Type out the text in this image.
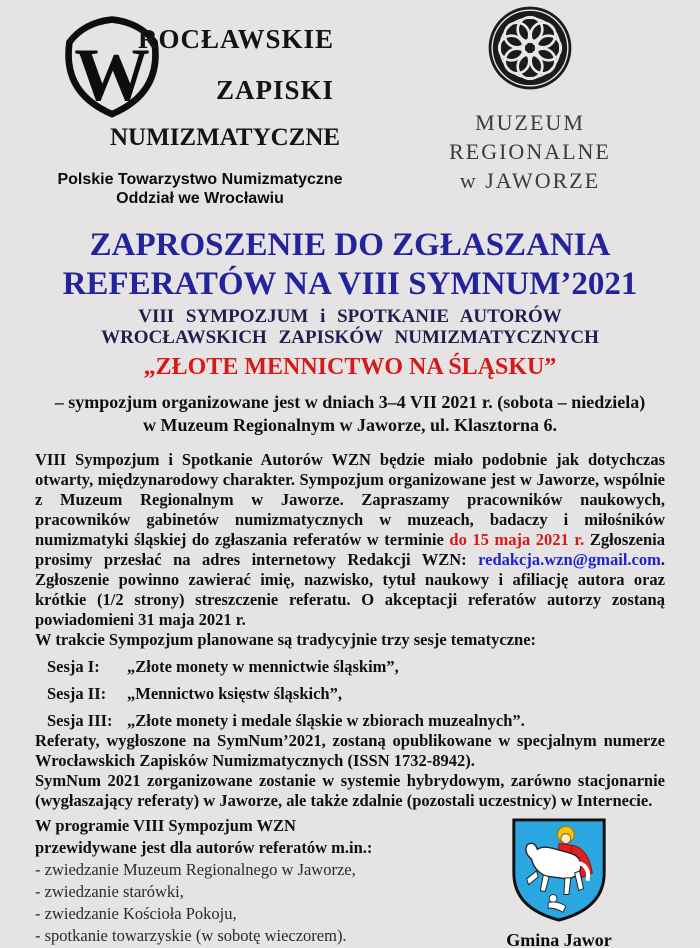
W
ROCŁAWSKIE
ZAPISKI
NUMIZMATYCZNE
Polskie Towarzystwo Numizmatyczne
Oddział we Wrocławiu
MUZEUM
REGIONALNE
w JAWORZE
ZAPROSZENIE DO ZGŁASZANIA
REFERATÓW NA VIII SYMNUM’2021
VIII SYMPOZJUM i SPOTKANIE AUTORÓW
WROCŁAWSKICH ZAPISKÓW NUMIZMATYCZNYCH
„ZŁOTE MENNICTWO NA ŚLĄSKU”
– sympozjum organizowane jest w dniach 3–4 VII 2021 r. (sobota – niedziela)
w Muzeum Regionalnym w Jaworze, ul. Klasztorna 6.

VIII Sympozjum i Spotkanie Autorów WZN będzie miało podobnie jak dotychczas otwarty, międzynarodowy charakter. Sympozjum organizowane jest w Jaworze, wspólnie z Muzeum Regionalnym w Jaworze. Zapraszamy pracowników naukowych, pracowników gabinetów numizmatycznych w muzeach, badaczy i miłośników numizmatyki śląskiej do zgłaszania referatów w terminie do 15 maja 2021 r. Zgłoszenia prosimy przesłać na adres internetowy Redakcji WZN: redakcja.wzn@gmail.com. Zgłoszenie powinno zawierać imię, nazwisko, tytuł naukowy i afiliację autora oraz krótkie (1/2 strony) streszczenie referatu. O akceptacji referatów autorzy zostaną powiadomieni 31 maja 2021 r.

W trakcie Sympozjum planowane są tradycyjnie trzy sesje tematyczne:

Sesja I:	„Złote monety w mennictwie śląskim”,
Sesja II:	„Mennictwo księstw śląskich”,
Sesja III: „Złote monety i medale śląskie w zbiorach muzealnych”.

Referaty, wygłoszone na SymNum’2021, zostaną opublikowane w specjalnym numerze Wrocławskich Zapisków Numizmatycznych (ISSN 1732-8942).

SymNum 2021 zorganizowane zostanie w systemie hybrydowym, zarówno stacjonarnie (wygłaszający referaty) w Jaworze, ale także zdalnie (pozostali uczestnicy) w Internecie.

W programie VIII Sympozjum WZN
przewidywane jest dla autorów referatów m.in.:
- zwiedzanie Muzeum Regionalnego w Jaworze,
- zwiedzanie starówki,
- zwiedzanie Kościoła Pokoju,
- spotkanie towarzyskie (w sobotę wieczorem).	Gmina Jawor
